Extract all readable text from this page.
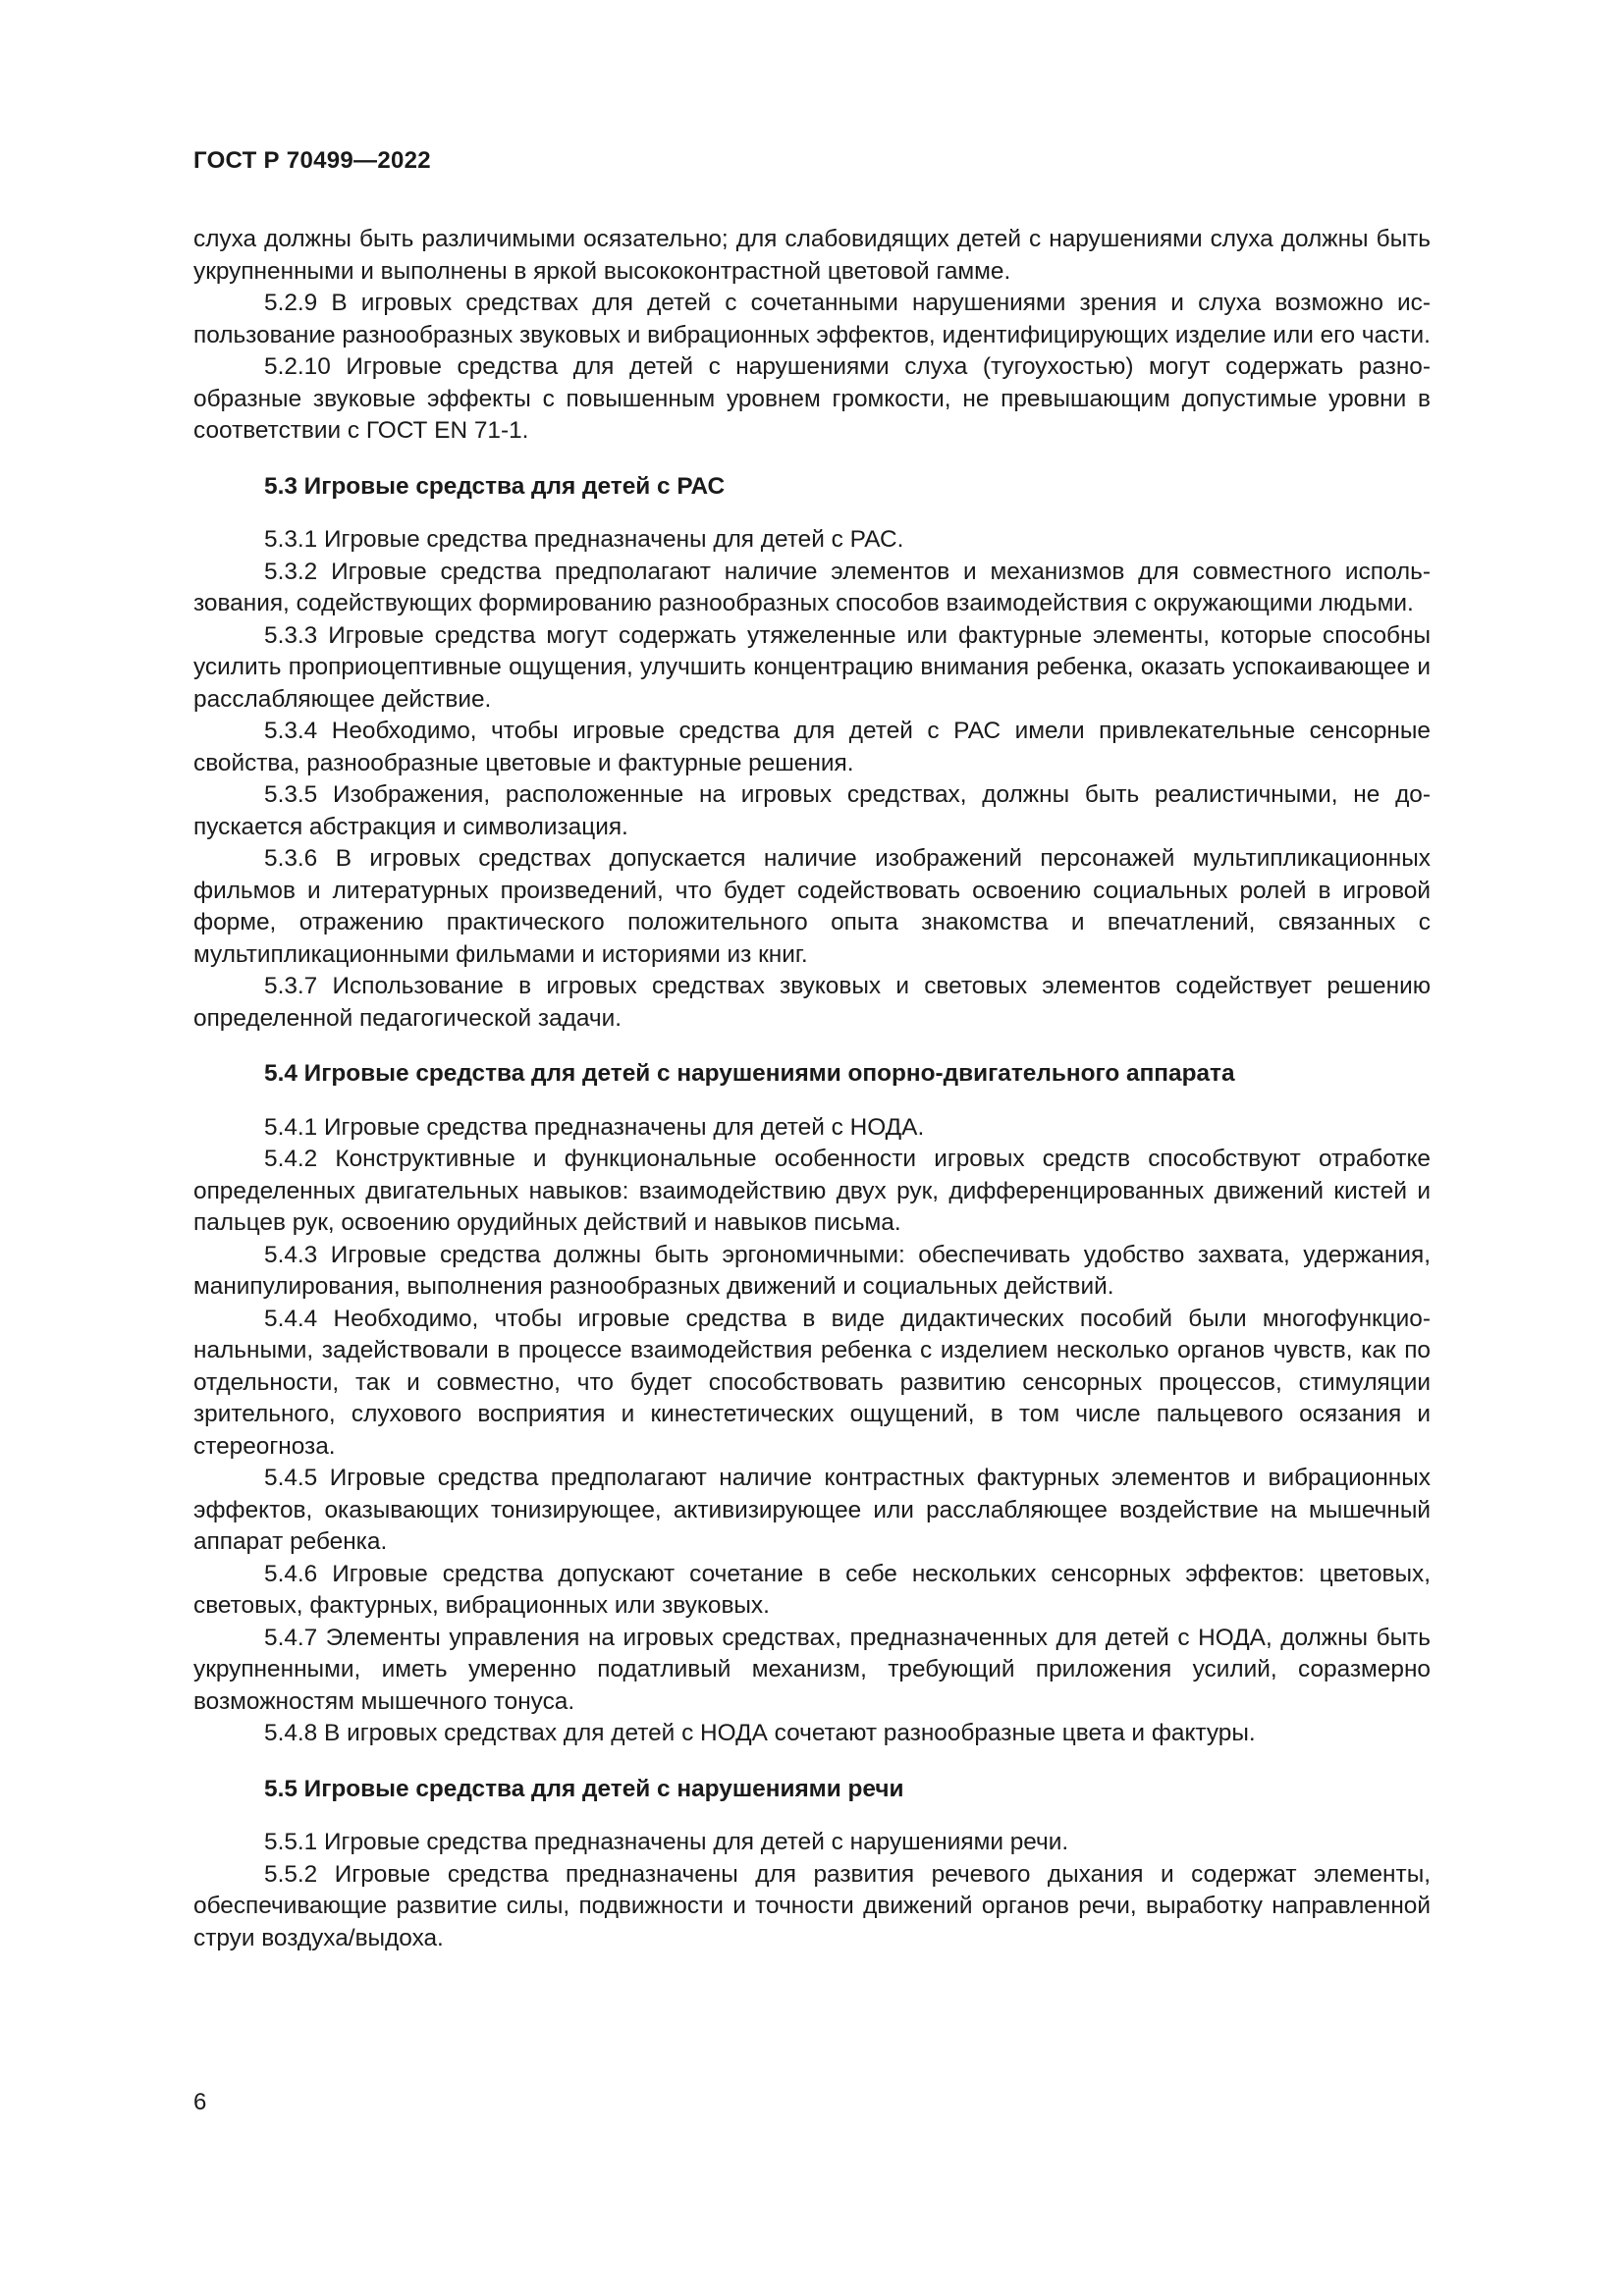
ГОСТ Р 70499—2022

слуха должны быть различимыми осязательно; для слабовидящих детей с нарушениями слуха должны быть укрупненными и выполнены в яркой высококонтрастной цветовой гамме.

5.2.9 В игровых средствах для детей с сочетанными нарушениями зрения и слуха возможно использование разнообразных звуковых и вибрационных эффектов, идентифицирующих изделие или его части.

5.2.10 Игровые средства для детей с нарушениями слуха (тугоухостью) могут содержать разнообразные звуковые эффекты с повышенным уровнем громкости, не превышающим допустимые уровни в соответствии с ГОСТ EN 71-1.

5.3 Игровые средства для детей с РАС

5.3.1 Игровые средства предназначены для детей с РАС.

5.3.2 Игровые средства предполагают наличие элементов и механизмов для совместного использования, содействующих формированию разнообразных способов взаимодействия с окружающими людьми.

5.3.3 Игровые средства могут содержать утяжеленные или фактурные элементы, которые способны усилить проприоцептивные ощущения, улучшить концентрацию внимания ребенка, оказать успокаивающее и расслабляющее действие.

5.3.4 Необходимо, чтобы игровые средства для детей с РАС имели привлекательные сенсорные свойства, разнообразные цветовые и фактурные решения.

5.3.5 Изображения, расположенные на игровых средствах, должны быть реалистичными, не допускается абстракция и символизация.

5.3.6 В игровых средствах допускается наличие изображений персонажей мультипликационных фильмов и литературных произведений, что будет содействовать освоению социальных ролей в игровой форме, отражению практического положительного опыта знакомства и впечатлений, связанных с мультипликационными фильмами и историями из книг.

5.3.7 Использование в игровых средствах звуковых и световых элементов содействует решению определенной педагогической задачи.

5.4 Игровые средства для детей с нарушениями опорно-двигательного аппарата

5.4.1 Игровые средства предназначены для детей с НОДА.

5.4.2 Конструктивные и функциональные особенности игровых средств способствуют отработке определенных двигательных навыков: взаимодействию двух рук, дифференцированных движений кистей и пальцев рук, освоению орудийных действий и навыков письма.

5.4.3 Игровые средства должны быть эргономичными: обеспечивать удобство захвата, удержания, манипулирования, выполнения разнообразных движений и социальных действий.

5.4.4 Необходимо, чтобы игровые средства в виде дидактических пособий были многофункциональными, задействовали в процессе взаимодействия ребенка с изделием несколько органов чувств, как по отдельности, так и совместно, что будет способствовать развитию сенсорных процессов, стимуляции зрительного, слухового восприятия и кинестетических ощущений, в том числе пальцевого осязания и стереогноза.

5.4.5 Игровые средства предполагают наличие контрастных фактурных элементов и вибрационных эффектов, оказывающих тонизирующее, активизирующее или расслабляющее воздействие на мышечный аппарат ребенка.

5.4.6 Игровые средства допускают сочетание в себе нескольких сенсорных эффектов: цветовых, световых, фактурных, вибрационных или звуковых.

5.4.7 Элементы управления на игровых средствах, предназначенных для детей с НОДА, должны быть укрупненными, иметь умеренно податливый механизм, требующий приложения усилий, соразмерно возможностям мышечного тонуса.

5.4.8 В игровых средствах для детей с НОДА сочетают разнообразные цвета и фактуры.

5.5 Игровые средства для детей с нарушениями речи

5.5.1 Игровые средства предназначены для детей с нарушениями речи.

5.5.2 Игровые средства предназначены для развития речевого дыхания и содержат элементы, обеспечивающие развитие силы, подвижности и точности движений органов речи, выработку направленной струи воздуха/выдоха.

6
